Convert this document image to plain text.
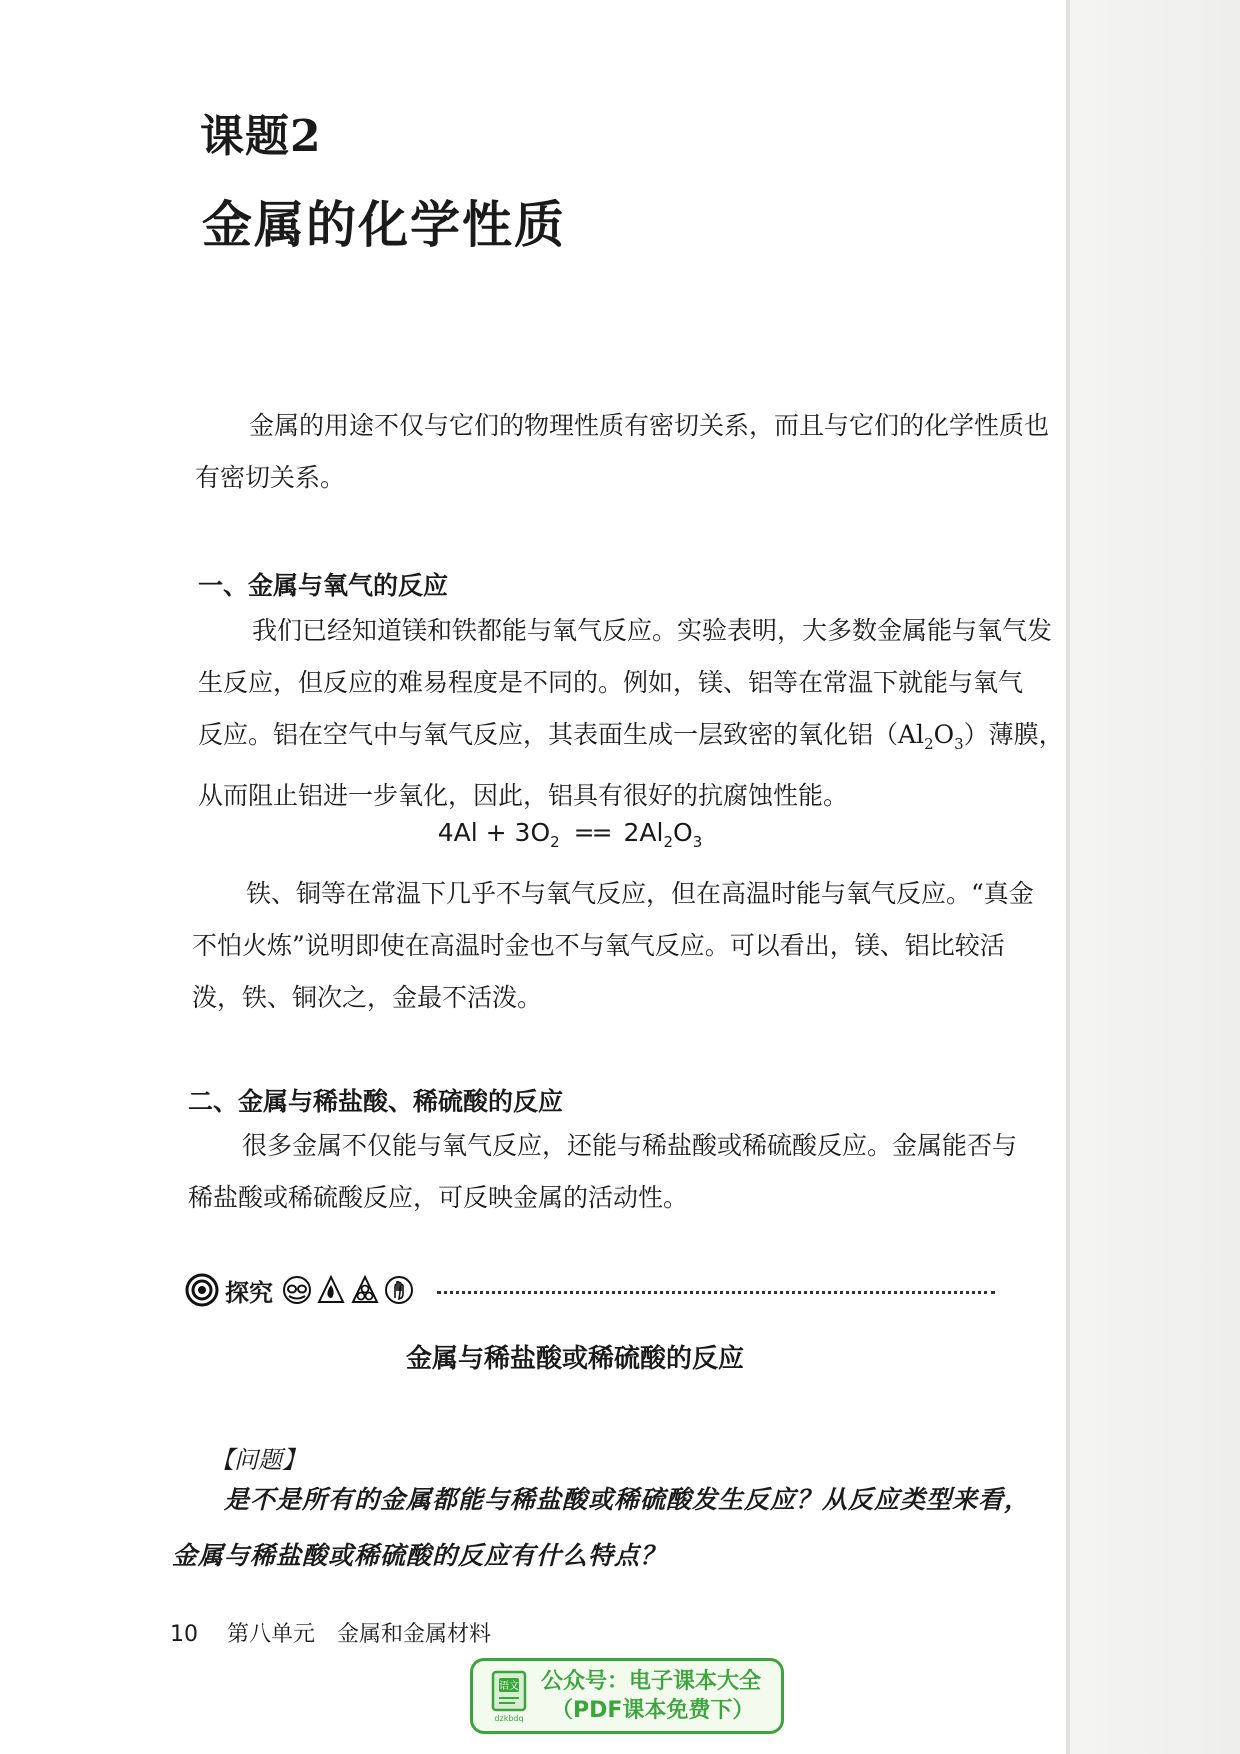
课题2
金属的化学性质
金属的用途不仅与它们的物理性质有密切关系，而且与它们的化学性质也
有密切关系。
一、金属与氧气的反应
我们已经知道镁和铁都能与氧气反应。实验表明，大多数金属能与氧气发
生反应，但反应的难易程度是不同的。例如，镁、铝等在常温下就能与氧气
反应。铝在空气中与氧气反应，其表面生成一层致密的氧化铝$(Al_2O_3)$薄膜，
从而阻止铝进一步氧化，因此，铝具有很好的抗腐蚀性能。
$4Al + 3O_2 == 2Al_2O_3$
铁、铜等在常温下几乎不与氧气反应，但在高温时能与氧气反应。“真金
不怕火炼”说明即使在高温时金也不与氧气反应。可以看出，镁、铝比较活
泼，铁、铜次之，金最不活泼。
二、金属与稀盐酸、稀硫酸的反应
很多金属不仅能与氧气反应，还能与稀盐酸或稀硫酸反应。金属能否与
稀盐酸或稀硫酸反应，可反映金属的活动性。
探究
金属与稀盐酸或稀硫酸的反应
【问题】
是不是所有的金属都能与稀盐酸或稀硫酸发生反应？从反应类型来看，
金属与稀盐酸或稀硫酸的反应有什么特点？
10 第八单元　金属和金属材料
语文
dzkbdq
公众号：电子课本大全
（PDF课本免费下）
